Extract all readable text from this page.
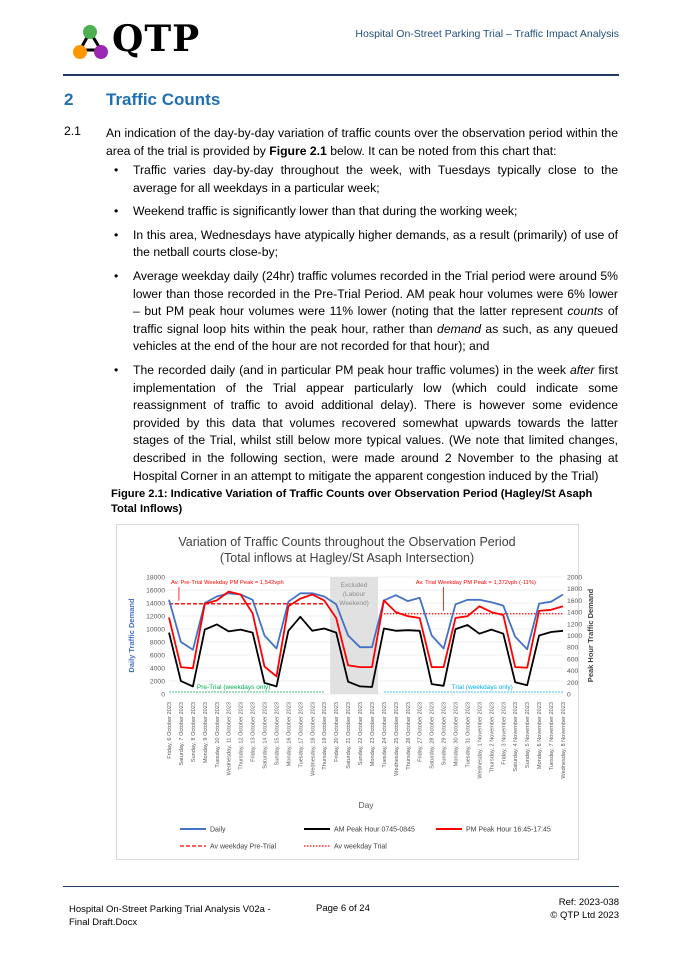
QTP	Hospital On-Street Parking Trial – Traffic Impact Analysis
2 Traffic Counts
2.1 An indication of the day-by-day variation of traffic counts over the observation period within the area of the trial is provided by Figure 2.1 below. It can be noted from this chart that:
• Traffic varies day-by-day throughout the week, with Tuesdays typically close to the average for all weekdays in a particular week;
• Weekend traffic is significantly lower than that during the working week;
• In this area, Wednesdays have atypically higher demands, as a result (primarily) of use of the netball courts close-by;
• Average weekday daily (24hr) traffic volumes recorded in the Trial period were around 5% lower than those recorded in the Pre-Trial Period. AM peak hour volumes were 6% lower – but PM peak hour volumes were 11% lower (noting that the latter represent counts of traffic signal loop hits within the peak hour, rather than demand as such, as any queued vehicles at the end of the hour are not recorded for that hour); and
• The recorded daily (and in particular PM peak hour traffic volumes) in the week after first implementation of the Trial appear particularly low (which could indicate some reassignment of traffic to avoid additional delay). There is however some evidence provided by this data that volumes recovered somewhat upwards towards the latter stages of the Trial, whilst still below more typical values. (We note that limited changes, described in the following section, were made around 2 November to the phasing at Hospital Corner in an attempt to mitigate the apparent congestion induced by the Trial)
Figure 2.1: Indicative Variation of Traffic Counts over Observation Period (Hagley/St Asaph Total Inflows)
Variation of Traffic Counts throughout the Observation Period
(Total inflows at Hagley/St Asaph Intersection)
0
2000
4000
6000
8000
10000
12000
14000
16000
18000
0
200
400
600
800
1000
1200
1400
1600
1800
2000
Friday, 6 October 2023 Saturday, 7 October 2023 Sunday, 8 October 2023 Monday, 9 October 2023 Tuesday, 10 October 2023 Wednesday, 11 October 2023 Thursday, 12 October 2023 Friday, 13 October 2023 Saturday, 14 October 2023 Sunday, 15 October 2023 Monday, 16 October 2023 Tuesday, 17 October 2023 Wednesday, 18 October 2023 Thursday, 19 October 2023 Friday, 20 October 2023 Saturday, 21 October 2023 Sunday, 22 October 2023 Monday, 23 October 2023 Tuesday, 24 October 2023 Wednesday, 25 October 2023 Thursday, 26 October 2023 Friday, 27 October 2023 Saturday, 28 October 2023 Sunday, 29 October 2023 Monday, 30 October 2023 Tuesday, 31 October 2023 Wednesday, 1 November 2023 Thursday, 2 November 2023 Friday, 3 November 2023 Saturday, 4 November 2023 Sunday, 5 November 2023 Monday, 6 November 2023 Tuesday, 7 November 2023 Wednesday, 8 November 2023
Daily Traffic Demand	Peak Hour Traffic Demand
Day
Excluded
(Labour
Weekend)
Av. Pre-Trial Weekday PM Peak = 1,542vph	Av. Trial Weekday PM Peak = 1,372vph (-11%)
Pre-Trial (weekdays only)	Trial (weekdays only)
Daily	AM Peak Hour 0745-0845	PM Peak Hour 16:45-17:45
Av weekday Pre-Trial	Av weekday Trial
Hospital On-Street Parking Trial Analysis V02a -
Final Draft.Docx
Page 6 of 24
Ref: 2023-038
© QTP Ltd 2023
